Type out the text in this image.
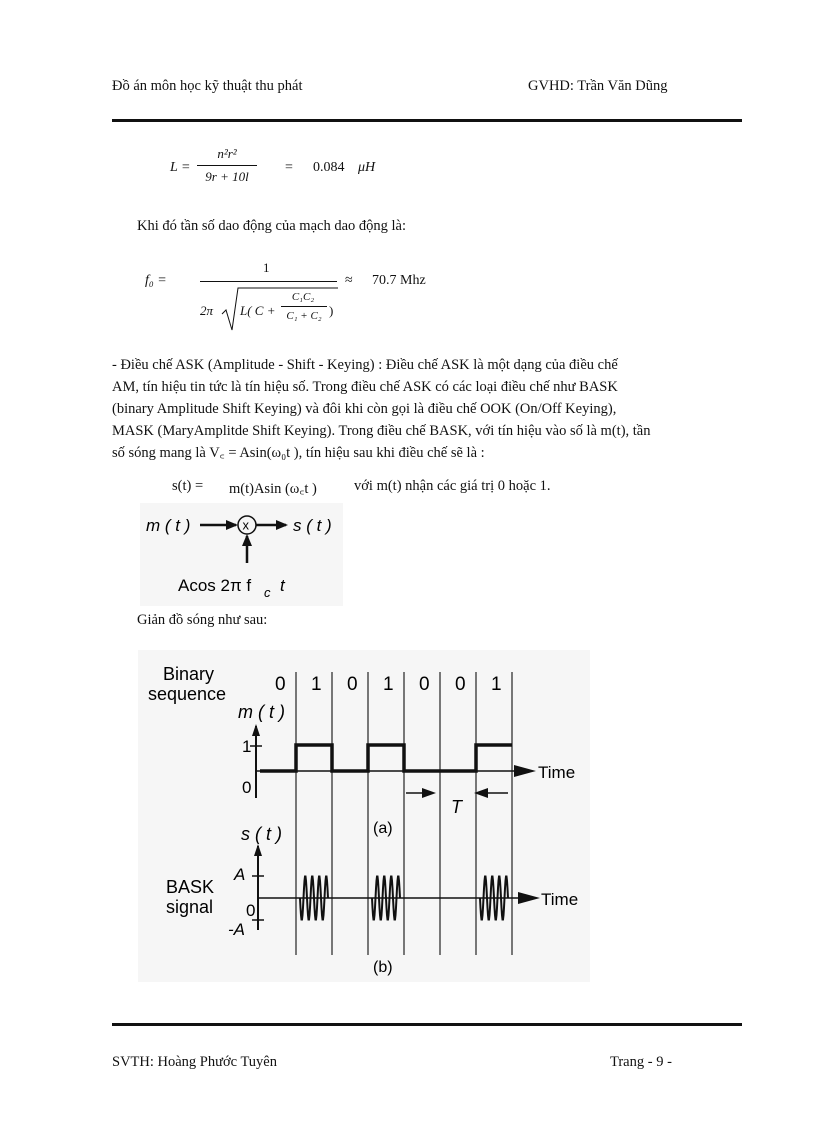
Đồ án môn học kỹ thuật thu phát	GVHD: Trần Văn Dũng
L =
n²r²
9r + 10l
= 0.084 μH
Khi đó tần số dao động của mạch dao động là:
f₀ =
1
2π L( C +
C₁C₂
C₁ + C₂ )
≈ 70.7 Mhz
- Điều chế ASK (Amplitude - Shift - Keying) : Điều chế ASK là một dạng của điều chế
AM, tín hiệu tin tức là tín hiệu số. Trong điều chế ASK có các loại điều chế như BASK
(binary Amplitude Shift Keying) và đôi khi còn gọi là điều chế OOK (On/Off Keying),
MASK (MaryAmplitde Shift Keying). Trong điều chế BASK, với tín hiệu vào số là m(t), tần
số sóng mang là V꜀ = Asin(ω₀t ), tín hiệu sau khi điều chế sẽ là :
s(t) = m(t)Asin (ω꜀t )	với m(t) nhận các giá trị 0 hoặc 1.
m ( t )	x	s ( t )
Acos 2π f c t
Giản đồ sóng như sau:
Binary
sequence	0 1 0 1 0 0 1
m ( t )
1
0
Time
T
(a)
s ( t )
A
0
-A
BASK
signal	Time
(b)
SVTH: Hoàng Phước Tuyên	Trang - 9 -
